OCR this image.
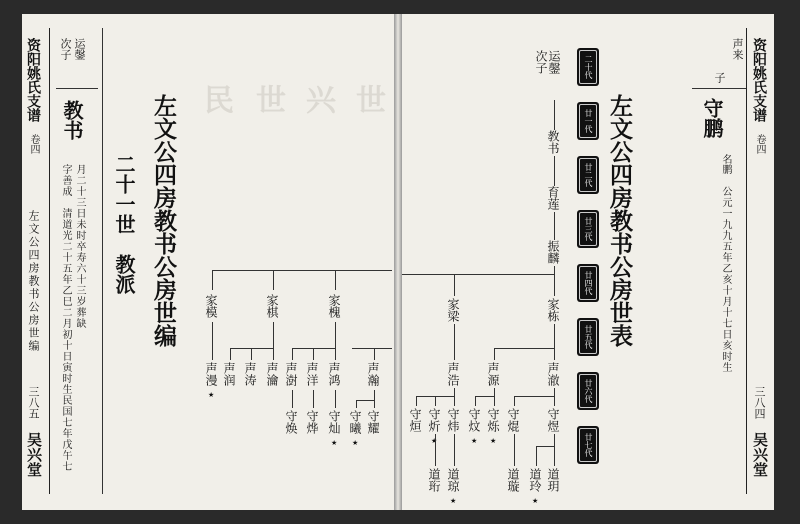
资阳姚氏支谱
卷四
左文公四房教书公房世编
三八五
吴兴堂
次子 运鏧
教书
字善成　清道光二十五年乙巳二月初十日寅时生民国七年戊午七 月二十三日未时卒寿六十三岁葬缺 二十一世　教派 左文公四房教书公房世编 民 世 兴 世
家槐
家棋
家模
声瀚
声鸿
声洋
声澍
声瀹
声涛
声润
声漫
★
守耀
守曦
守灿
守烨
守焕
★
★
声来
子
守鹏
名鹏
公元一九九五年乙亥十月十七日亥时生
资阳姚氏支谱
卷四
三八四
吴兴堂
左文公四房教书公房世表
二十代
廿一代
廿二代
廿三代
廿四代
廿五代
廿六代
廿七代
次子 运鏧
教书
育莲
振麟
家梁	家栋
声浩 声源	声澈
守烜 守炘 守炜 守炆 守烁 守焜 守煜
★	★ ★
道珩 道琼	道璇 道玲 道玥
★	★
